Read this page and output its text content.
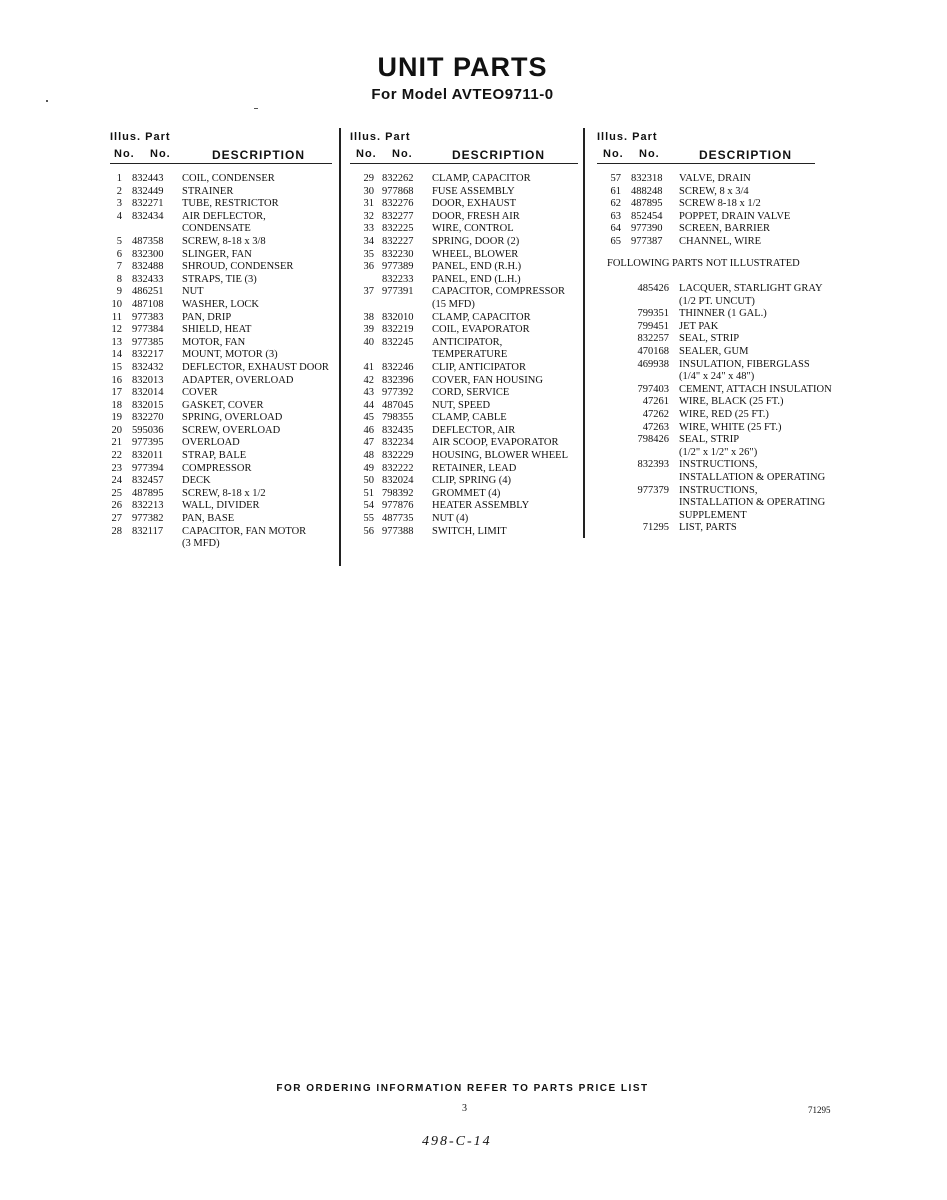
UNIT PARTS
For Model AVTEO9711-0
Illus. Part
No. No.	DESCRIPTION
1 832443 COIL, CONDENSER
2 832449 STRAINER
3 832271 TUBE, RESTRICTOR
4 832434 AIR DEFLECTOR,
CONDENSATE
5 487358 SCREW, 8-18 x 3/8
6 832300 SLINGER, FAN
7 832488 SHROUD, CONDENSER
8 832433 STRAPS, TIE (3)
9 486251 NUT
10 487108 WASHER, LOCK
11 977383 PAN, DRIP
12 977384 SHIELD, HEAT
13 977385 MOTOR, FAN
14 832217 MOUNT, MOTOR (3)
15 832432 DEFLECTOR, EXHAUST DOOR
16 832013 ADAPTER, OVERLOAD
17 832014 COVER
18 832015 GASKET, COVER
19 832270 SPRING, OVERLOAD
20 595036 SCREW, OVERLOAD
21 977395 OVERLOAD
22 832011 STRAP, BALE
23 977394 COMPRESSOR
24 832457 DECK
25 487895 SCREW, 8-18 x 1/2
26 832213 WALL, DIVIDER
27 977382 PAN, BASE
28 832117 CAPACITOR, FAN MOTOR
(3 MFD)
Illus. Part
No. No.	DESCRIPTION
29 832262 CLAMP, CAPACITOR
30 977868 FUSE ASSEMBLY
31 832276 DOOR, EXHAUST
32 832277 DOOR, FRESH AIR
33 832225 WIRE, CONTROL
34 832227 SPRING, DOOR (2)
35 832230 WHEEL, BLOWER
36 977389 PANEL, END (R.H.)
832233 PANEL, END (L.H.)
37 977391 CAPACITOR, COMPRESSOR
(15 MFD)
38 832010 CLAMP, CAPACITOR
39 832219 COIL, EVAPORATOR
40 832245 ANTICIPATOR,
TEMPERATURE
41 832246 CLIP, ANTICIPATOR
42 832396 COVER, FAN HOUSING
43 977392 CORD, SERVICE
44 487045 NUT, SPEED
45 798355 CLAMP, CABLE
46 832435 DEFLECTOR, AIR
47 832234 AIR SCOOP, EVAPORATOR
48 832229 HOUSING, BLOWER WHEEL
49 832222 RETAINER, LEAD
50 832024 CLIP, SPRING (4)
51 798392 GROMMET (4)
54 977876 HEATER ASSEMBLY
55 487735 NUT (4)
56 977388 SWITCH, LIMIT
Illus. Part
No. No.	DESCRIPTION
57 832318 VALVE, DRAIN
61 488248 SCREW, 8 x 3/4
62 487895 SCREW 8-18 x 1/2
63 852454 POPPET, DRAIN VALVE
64 977390 SCREEN, BARRIER
65 977387 CHANNEL, WIRE
FOLLOWING PARTS NOT ILLUSTRATED
485426 LACQUER, STARLIGHT GRAY
(1/2 PT. UNCUT)
799351 THINNER (1 GAL.)
799451 JET PAK
832257 SEAL, STRIP
470168 SEALER, GUM
469938 INSULATION, FIBERGLASS
(1/4" x 24" x 48")
797403 CEMENT, ATTACH INSULATION
47261 WIRE, BLACK (25 FT.)
47262 WIRE, RED (25 FT.)
47263 WIRE, WHITE (25 FT.)
798426 SEAL, STRIP
(1/2" x 1/2" x 26")
832393 INSTRUCTIONS,
INSTALLATION & OPERATING
977379 INSTRUCTIONS,
INSTALLATION & OPERATING
SUPPLEMENT
71295 LIST, PARTS
FOR ORDERING INFORMATION REFER TO PARTS PRICE LIST
3	71295
498-C-14
